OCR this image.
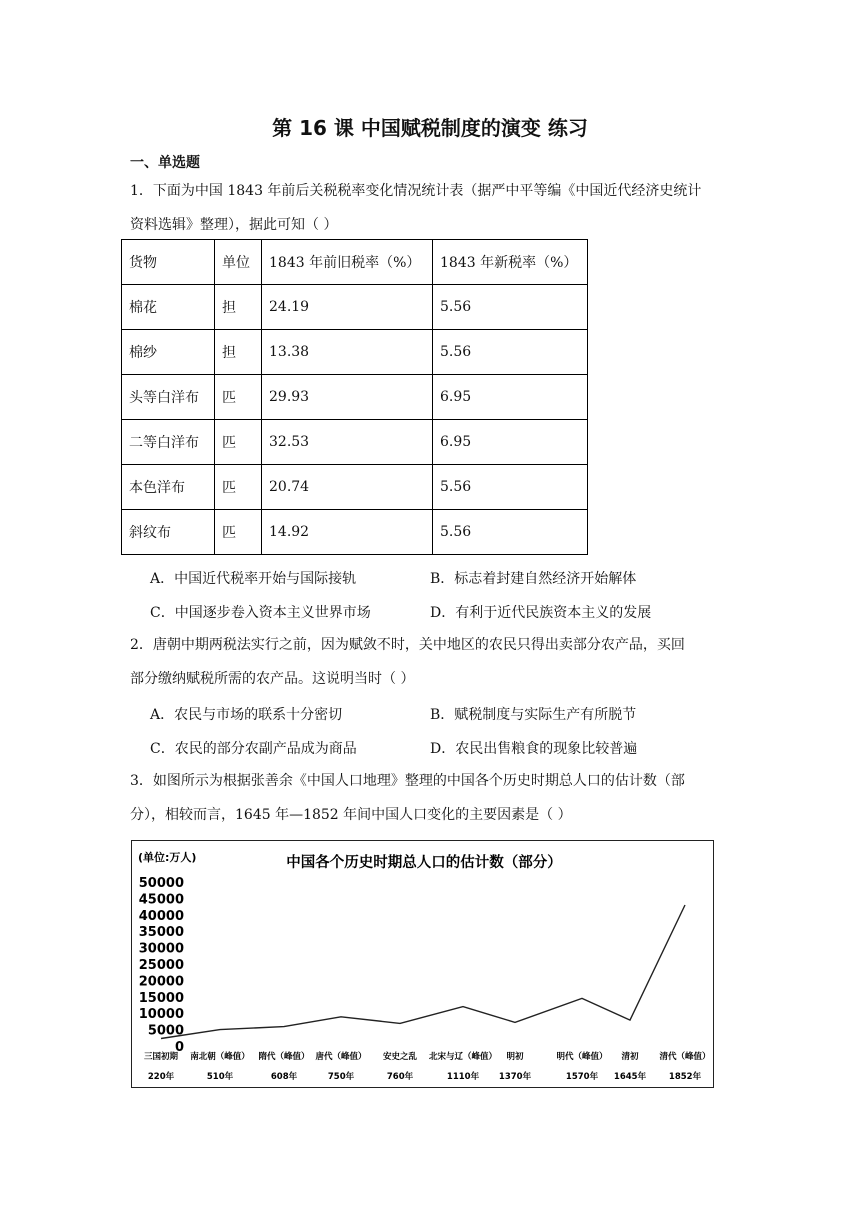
第 16 课 中国赋税制度的演变 练习
一、单选题

1．下面为中国 1843 年前后关税税率变化情况统计表（据严中平等编《中国近代经济史统计

资料选辑》整理），据此可知（ ）

货物	单位	1843 年前旧税率（%）	1843 年新税率（%）
棉花	担	24.19	5.56
棉纱	担	13.38	5.56
头等白洋布	匹	29.93	6.95
二等白洋布	匹	32.53	6.95
本色洋布	匹	20.74	5.56
斜纹布	匹	14.92	5.56
A．中国近代税率开始与国际接轨	B．标志着封建自然经济开始解体
C．中国逐步卷入资本主义世界市场	D．有利于近代民族资本主义的发展

2．唐朝中期两税法实行之前，因为赋敛不时，关中地区的农民只得出卖部分农产品，买回

部分缴纳赋税所需的农产品。这说明当时（ ）

A．农民与市场的联系十分密切	B．赋税制度与实际生产有所脱节
C．农民的部分农副产品成为商品	D．农民出售粮食的现象比较普遍

3．如图所示为根据张善余《中国人口地理》整理的中国各个历史时期总人口的估计数（部

分），相较而言，1645 年—1852 年间中国人口变化的主要因素是（ ）

(单位:万人)	中国各个历史时期总人口的估计数（部分）
0
5000
10000
15000
20000
25000
30000
35000
40000
45000
50000
三国初期
220年
南北朝（峰值）
510年
隋代（峰值）
608年
唐代（峰值）
750年
安史之乱
760年
北宋与辽（峰值）
1110年
明初
1370年
明代（峰值）
1570年
清初
1645年
清代（峰值）
1852年
